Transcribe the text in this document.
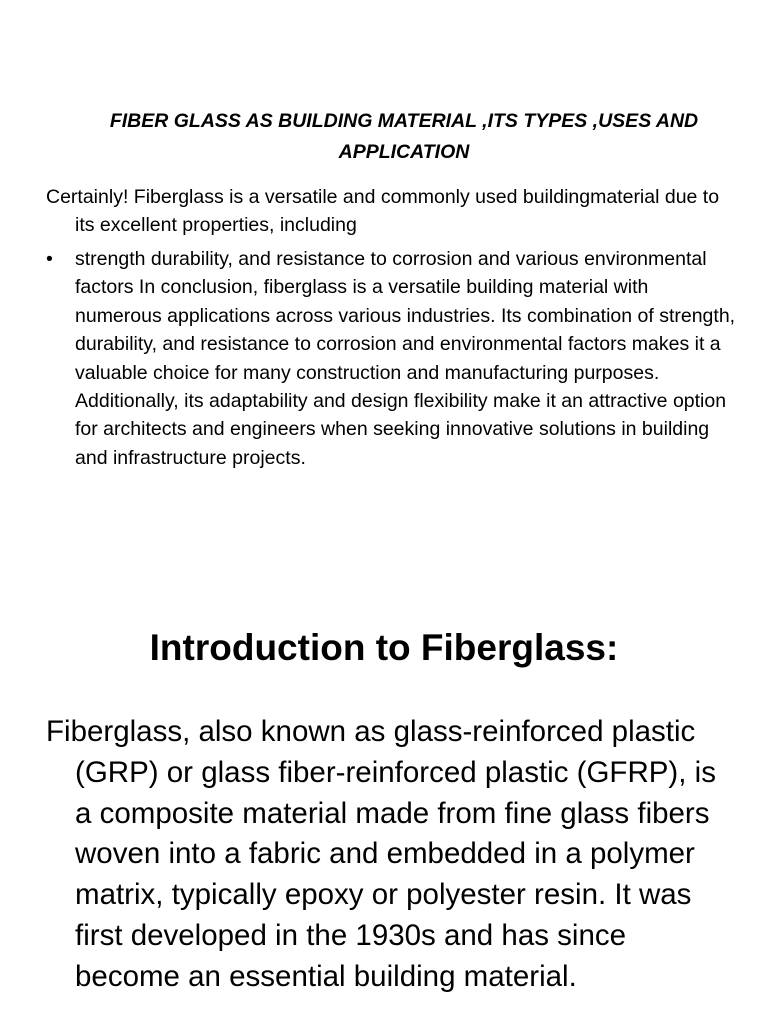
FIBER GLASS AS BUILDING MATERIAL ,ITS TYPES ,USES AND APPLICATION
Certainly! Fiberglass is a versatile and commonly used buildingmaterial due to its excellent properties, including
•	strength durability, and resistance to corrosion and various environmental factors In conclusion, fiberglass is a versatile building material with numerous applications across various industries. Its combination of strength, durability, and resistance to corrosion and environmental factors makes it a valuable choice for many construction and manufacturing purposes. Additionally, its adaptability and design flexibility make it an attractive option for architects and engineers when seeking innovative solutions in building and infrastructure projects.
Introduction to Fiberglass:
Fiberglass, also known as glass-reinforced plastic (GRP) or glass fiber-reinforced plastic (GFRP), is a composite material made from fine glass fibers woven into a fabric and embedded in a polymer matrix, typically epoxy or polyester resin. It was first developed in the 1930s and has since become an essential building material.
